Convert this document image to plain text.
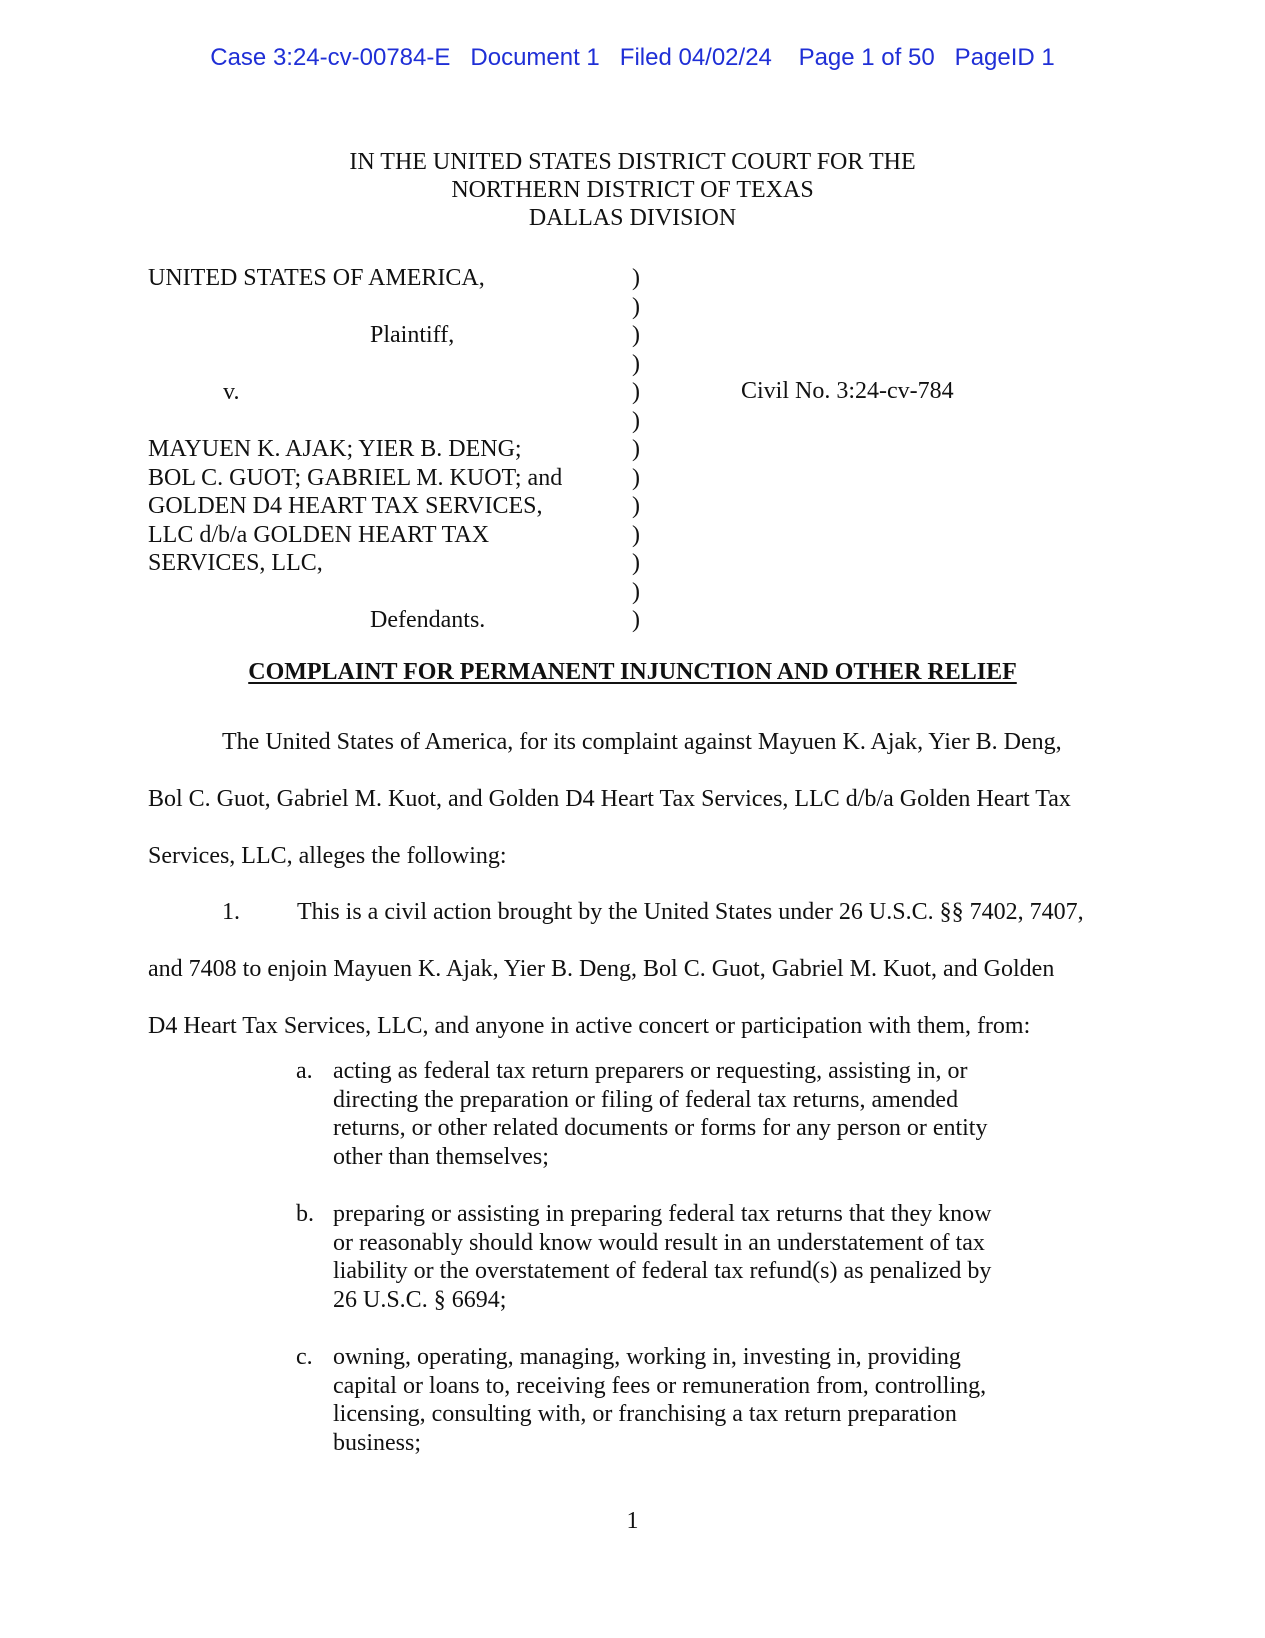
Case 3:24-cv-00784-E   Document 1   Filed 04/02/24    Page 1 of 50   PageID 1
IN THE UNITED STATES DISTRICT COURT FOR THE
NORTHERN DISTRICT OF TEXAS
DALLAS DIVISION
UNITED STATES OF AMERICA,
Plaintiff,
v.
MAYUEN K. AJAK; YIER B. DENG;
BOL C. GUOT; GABRIEL M. KUOT; and
GOLDEN D4 HEART TAX SERVICES,
LLC d/b/a GOLDEN HEART TAX
SERVICES, LLC,
Defendants.
)
)
)
)
)
)
)
)
)
)
)
)
)
Civil No. 3:24-cv-784
COMPLAINT FOR PERMANENT INJUNCTION AND OTHER RELIEF
The United States of America, for its complaint against Mayuen K. Ajak, Yier B. Deng,
Bol C. Guot, Gabriel M. Kuot, and Golden D4 Heart Tax Services, LLC d/b/a Golden Heart Tax
Services, LLC, alleges the following:
1. This is a civil action brought by the United States under 26 U.S.C. §§ 7402, 7407,
and 7408 to enjoin Mayuen K. Ajak, Yier B. Deng, Bol C. Guot, Gabriel M. Kuot, and Golden
D4 Heart Tax Services, LLC, and anyone in active concert or participation with them, from:
a. acting as federal tax return preparers or requesting, assisting in, or
directing the preparation or filing of federal tax returns, amended
returns, or other related documents or forms for any person or entity
other than themselves;
b. preparing or assisting in preparing federal tax returns that they know
or reasonably should know would result in an understatement of tax
liability or the overstatement of federal tax refund(s) as penalized by
26 U.S.C. § 6694;
c. owning, operating, managing, working in, investing in, providing
capital or loans to, receiving fees or remuneration from, controlling,
licensing, consulting with, or franchising a tax return preparation
business;
1
